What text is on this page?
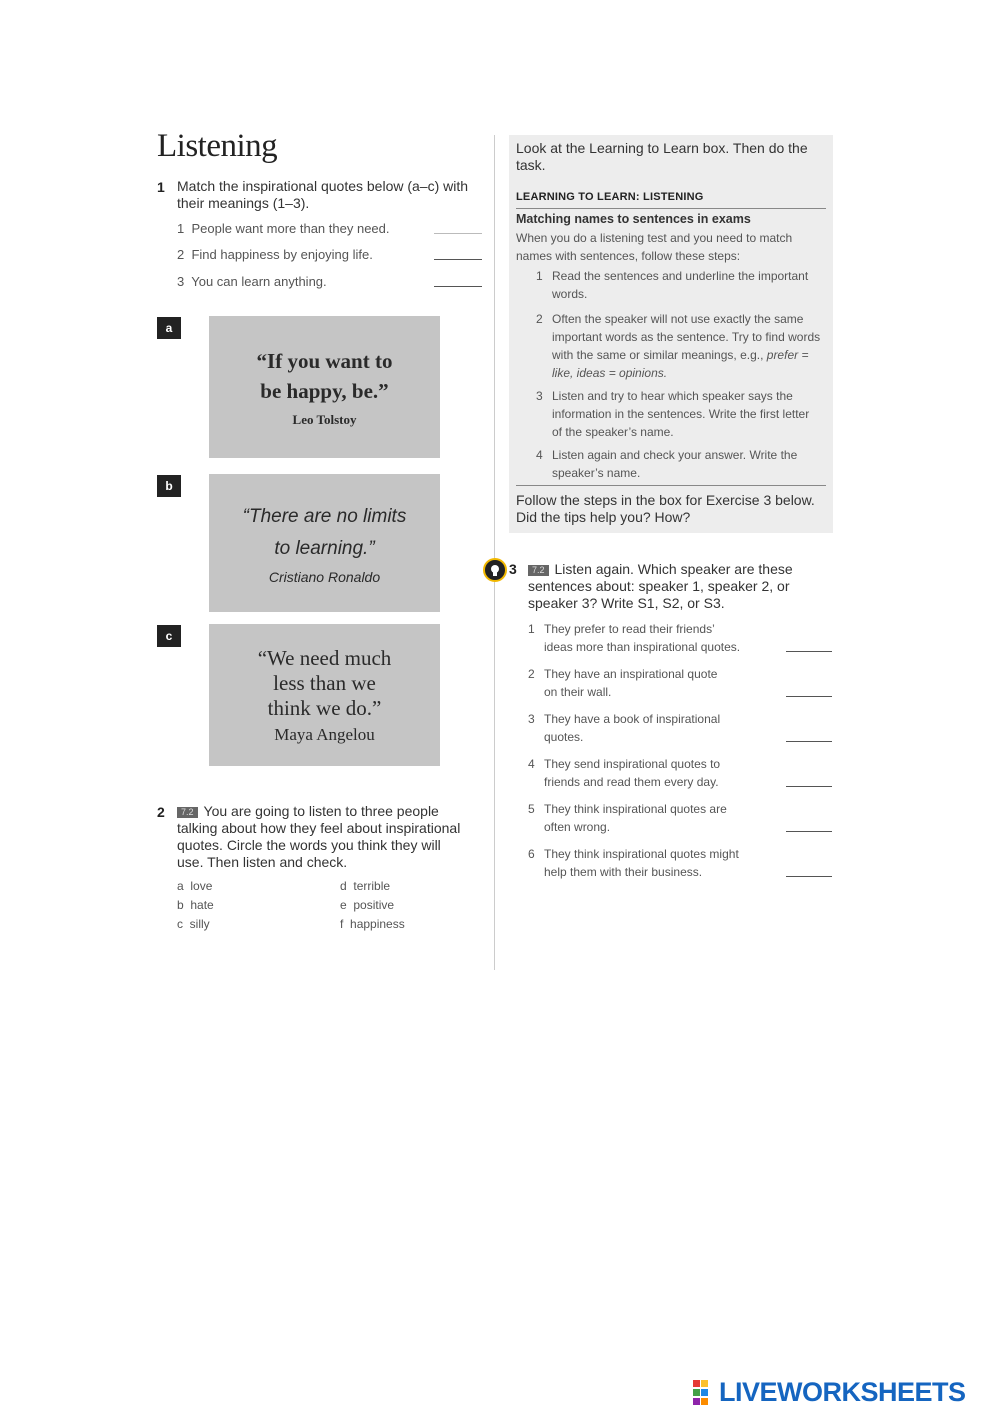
Listening
1 Match the inspirational quotes below (a–c) with their meanings (1–3).
1 People want more than they need.
2 Find happiness by enjoying life.
3 You can learn anything.
a
“If you want to
be happy, be.”
Leo Tolstoy
b
“There are no limits
to learning.”
Cristiano Ronaldo
c
“We need much
less than we
think we do.”
Maya Angelou
2	7.2 You are going to listen to three people talking about how they feel about inspirational quotes. Circle the words you think they will use. Then listen and check.
a love
b hate
c silly
d terrible
e positive
f happiness
Look at the Learning to Learn box. Then do the task.
LEARNING TO LEARN: LISTENING
Matching names to sentences in exams
When you do a listening test and you need to match names with sentences, follow these steps:
1 Read the sentences and underline the important words.
2 Often the speaker will not use exactly the same important words as the sentence. Try to find words with the same or similar meanings, e.g., prefer = like, ideas = opinions.
3 Listen and try to hear which speaker says the information in the sentences. Write the first letter of the speaker’s name.
4 Listen again and check your answer. Write the speaker’s name.
Follow the steps in the box for Exercise 3 below. Did the tips help you? How?
3	7.2 Listen again. Which speaker are these sentences about: speaker 1, speaker 2, or speaker 3? Write S1, S2, or S3.
1 They prefer to read their friends’
ideas more than inspirational quotes.
2 They have an inspirational quote
on their wall.
3 They have a book of inspirational
quotes.
4 They send inspirational quotes to
friends and read them every day.
5 They think inspirational quotes are
often wrong.
6 They think inspirational quotes might
help them with their business.
LIVEWORKSHEETS
